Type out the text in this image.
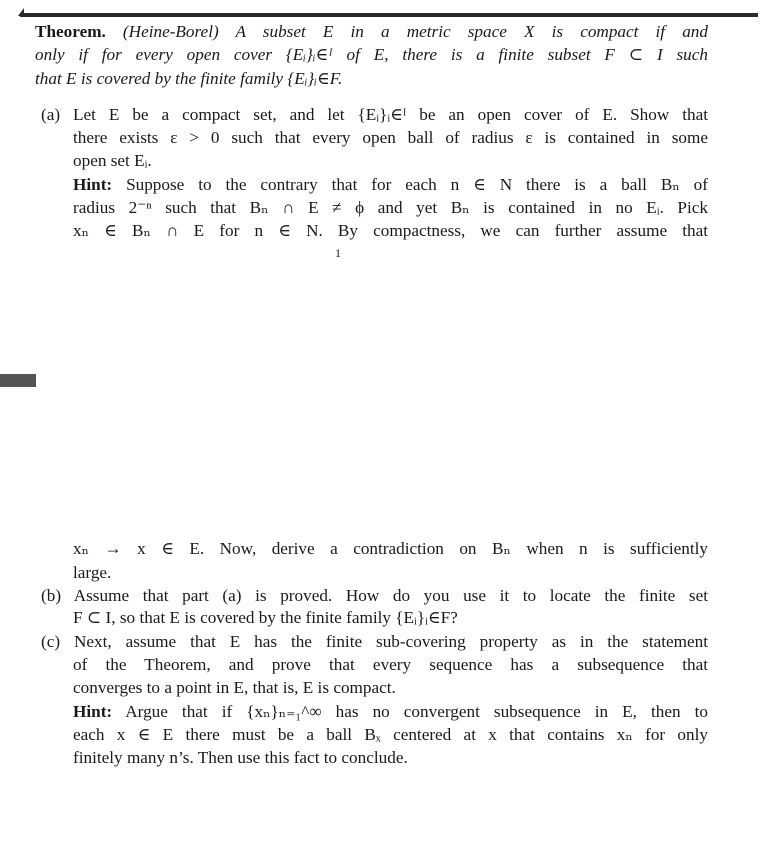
Theorem. (Heine-Borel) A subset E in a metric space X is compact if and
only if for every open cover {Eᵢ}ᵢ∈ᴵ of E, there is a finite subset F ⊂ I such
that E is covered by the finite family {Eᵢ}ᵢ∈F.
(a) Let E be a compact set, and let {Eᵢ}ᵢ∈ᴵ be an open cover of E. Show that
there exists ε > 0 such that every open ball of radius ε is contained in some
open set Eᵢ.
Hint: Suppose to the contrary that for each n ∈ N there is a ball Bₙ of
radius 2⁻ⁿ such that Bₙ ∩ E ≠ ϕ and yet Bₙ is contained in no Eᵢ. Pick
xₙ ∈ Bₙ ∩ E for n ∈ N. By compactness, we can further assume that
1
xₙ → x ∈ E. Now, derive a contradiction on Bₙ when n is sufficiently
large.
(b) Assume that part (a) is proved. How do you use it to locate the finite set
F ⊂ I, so that E is covered by the finite family {Eᵢ}ᵢ∈F?
(c) Next, assume that E has the finite sub-covering property as in the statement
of the Theorem, and prove that every sequence has a subsequence that
converges to a point in E, that is, E is compact.
Hint: Argue that if {xₙ}ₙ₌₁^∞ has no convergent subsequence in E, then to
each x ∈ E there must be a ball Bₓ centered at x that contains xₙ for only
finitely many n’s. Then use this fact to conclude.
